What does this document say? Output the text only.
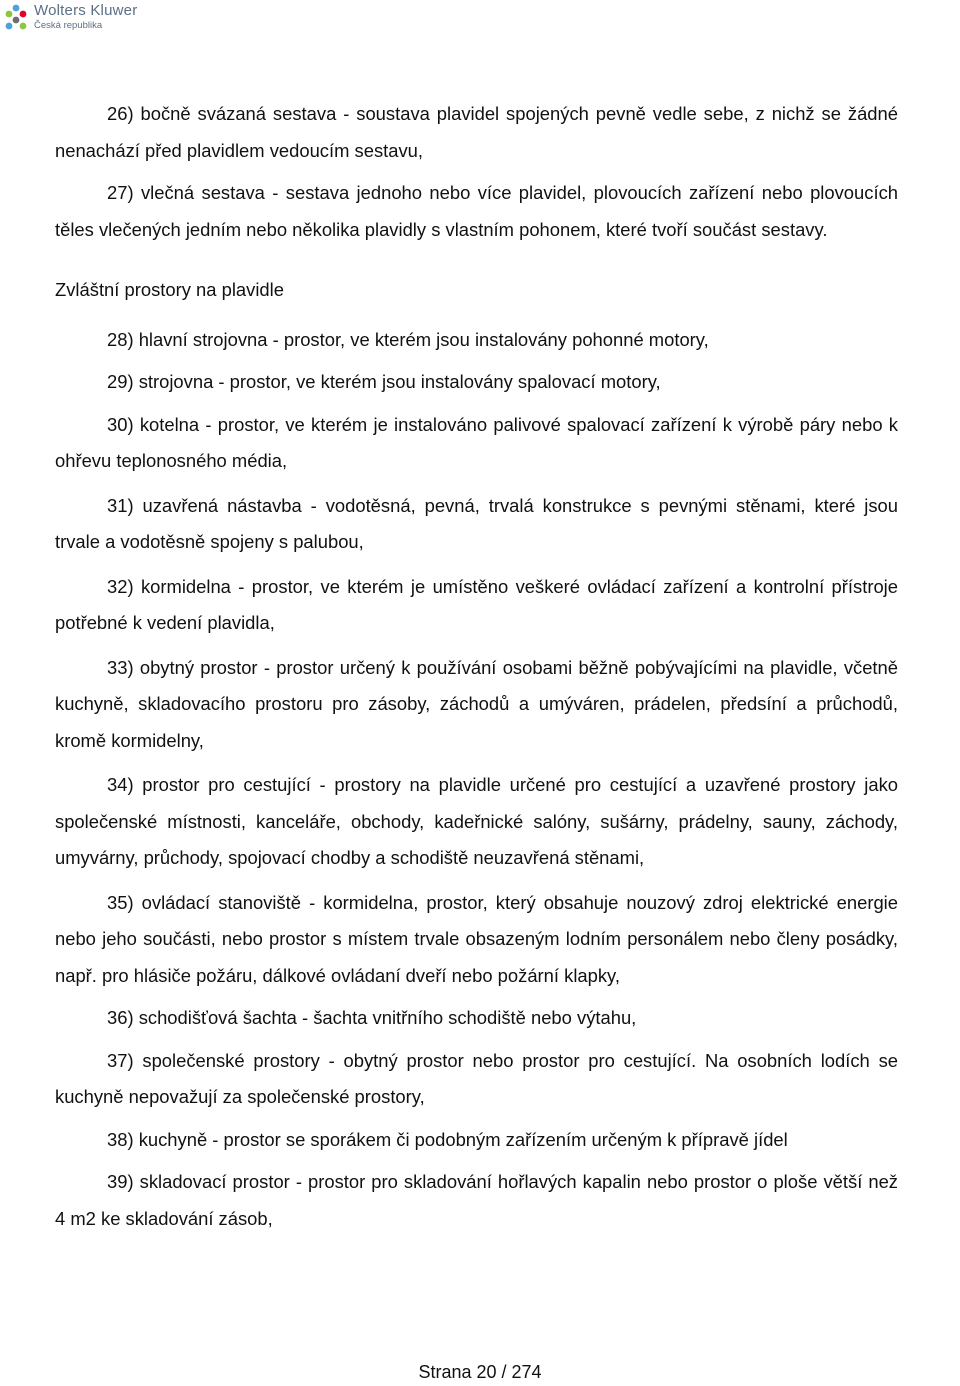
Wolters Kluwer
Česká republika

26) bočně svázaná sestava - soustava plavidel spojených pevně vedle sebe, z nichž se žádné nenachází před plavidlem vedoucím sestavu,

27) vlečná sestava - sestava jednoho nebo více plavidel, plovoucích zařízení nebo plovoucích těles vlečených jedním nebo několika plavidly s vlastním pohonem, které tvoří součást sestavy.

Zvláštní prostory na plavidle

28) hlavní strojovna - prostor, ve kterém jsou instalovány pohonné motory,

29) strojovna - prostor, ve kterém jsou instalovány spalovací motory,

30) kotelna - prostor, ve kterém je instalováno palivové spalovací zařízení k výrobě páry nebo k ohřevu teplonosného média,

31) uzavřená nástavba - vodotěsná, pevná, trvalá konstrukce s pevnými stěnami, které jsou trvale a vodotěsně spojeny s palubou,

32) kormidelna - prostor, ve kterém je umístěno veškeré ovládací zařízení a kontrolní přístroje potřebné k vedení plavidla,

33) obytný prostor - prostor určený k používání osobami běžně pobývajícími na plavidle, včetně kuchyně, skladovacího prostoru pro zásoby, záchodů a umýváren, prádelen, předsíní a průchodů, kromě kormidelny,

34) prostor pro cestující - prostory na plavidle určené pro cestující a uzavřené prostory jako společenské místnosti, kanceláře, obchody, kadeřnické salóny, sušárny, prádelny, sauny, záchody, umyvárny, průchody, spojovací chodby a schodiště neuzavřená stěnami,

35) ovládací stanoviště - kormidelna, prostor, který obsahuje nouzový zdroj elektrické energie nebo jeho součásti, nebo prostor s místem trvale obsazeným lodním personálem nebo členy posádky, např. pro hlásiče požáru, dálkové ovládaní dveří nebo požární klapky,

36) schodišťová šachta - šachta vnitřního schodiště nebo výtahu,

37) společenské prostory - obytný prostor nebo prostor pro cestující. Na osobních lodích se kuchyně nepovažují za společenské prostory,

38) kuchyně - prostor se sporákem či podobným zařízením určeným k přípravě jídel

39) skladovací prostor - prostor pro skladování hořlavých kapalin nebo prostor o ploše větší než 4 m2 ke skladování zásob,

Strana 20 / 274
